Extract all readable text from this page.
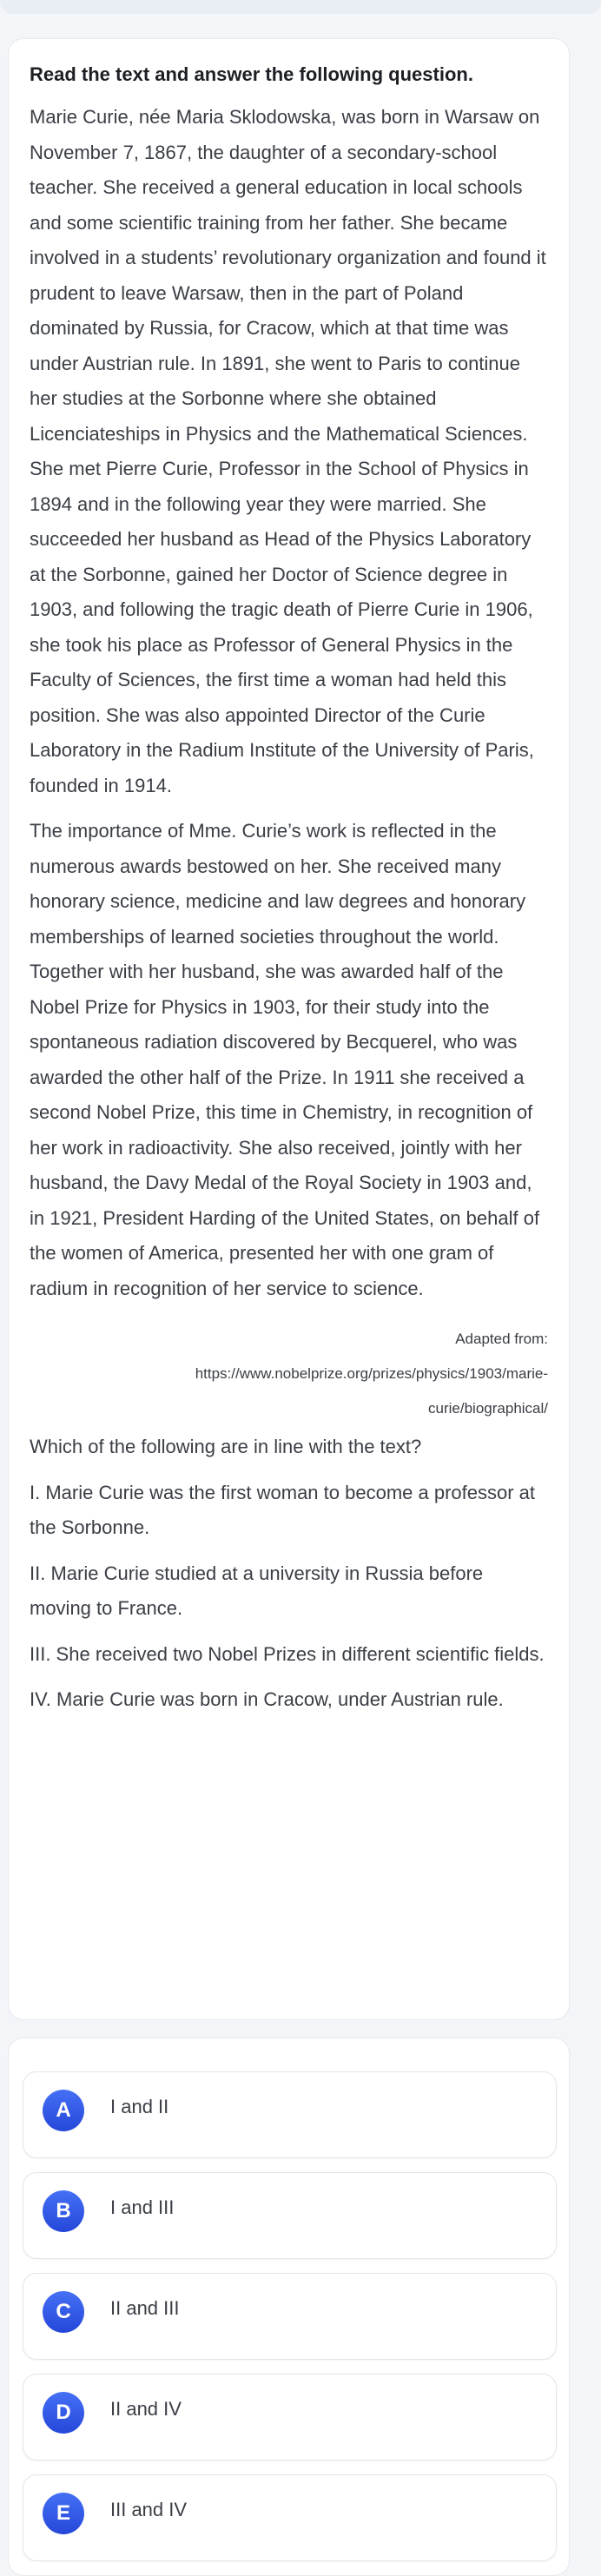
Read the text and answer the following question.

Marie Curie, née Maria Sklodowska, was born in Warsaw on November 7, 1867, the daughter of a secondary-school teacher. She received a general education in local schools and some scientific training from her father. She became involved in a students’ revolutionary organization and found it prudent to leave Warsaw, then in the part of Poland dominated by Russia, for Cracow, which at that time was under Austrian rule. In 1891, she went to Paris to continue her studies at the Sorbonne where she obtained Licenciateships in Physics and the Mathematical Sciences. She met Pierre Curie, Professor in the School of Physics in 1894 and in the following year they were married. She succeeded her husband as Head of the Physics Laboratory at the Sorbonne, gained her Doctor of Science degree in 1903, and following the tragic death of Pierre Curie in 1906, she took his place as Professor of General Physics in the Faculty of Sciences, the first time a woman had held this position. She was also appointed Director of the Curie Laboratory in the Radium Institute of the University of Paris, founded in 1914.

The importance of Mme. Curie’s work is reflected in the numerous awards bestowed on her. She received many honorary science, medicine and law degrees and honorary memberships of learned societies throughout the world. Together with her husband, she was awarded half of the Nobel Prize for Physics in 1903, for their study into the spontaneous radiation discovered by Becquerel, who was awarded the other half of the Prize. In 1911 she received a second Nobel Prize, this time in Chemistry, in recognition of her work in radioactivity. She also received, jointly with her husband, the Davy Medal of the Royal Society in 1903 and, in 1921, President Harding of the United States, on behalf of the women of America, presented her with one gram of radium in recognition of her service to science.

Adapted from:
https://www.nobelprize.org/prizes/physics/1903/marie-
curie/biographical/

Which of the following are in line with the text?

I. Marie Curie was the first woman to become a professor at the Sorbonne.

II. Marie Curie studied at a university in Russia before moving to France.

III. She received two Nobel Prizes in different scientific fields.

IV. Marie Curie was born in Cracow, under Austrian rule.

A	I and II
B	I and III
C	II and III
D	II and IV
E	III and IV
